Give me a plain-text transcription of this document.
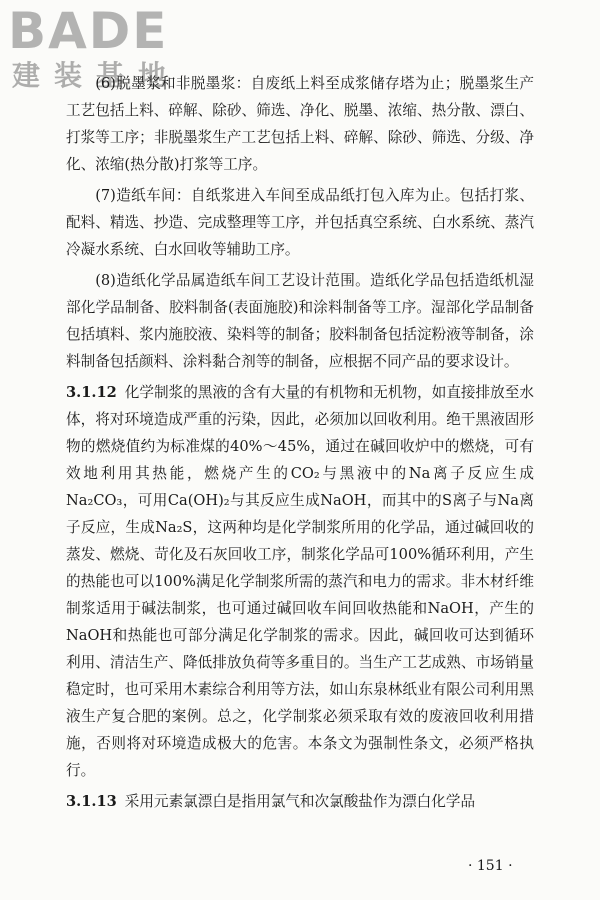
BADE
建装基地

(6)脱墨浆和非脱墨浆：自废纸上料至成浆储存塔为止；脱墨浆生产工艺包括上料、碎解、除砂、筛选、净化、脱墨、浓缩、热分散、漂白、打浆等工序；非脱墨浆生产工艺包括上料、碎解、除砂、筛选、分级、净化、浓缩(热分散)打浆等工序。

(7)造纸车间：自纸浆进入车间至成品纸打包入库为止。包括打浆、配料、精选、抄造、完成整理等工序，并包括真空系统、白水系统、蒸汽冷凝水系统、白水回收等辅助工序。

(8)造纸化学品属造纸车间工艺设计范围。造纸化学品包括造纸机湿部化学品制备、胶料制备(表面施胶)和涂料制备等工序。湿部化学品制备包括填料、浆内施胶液、染料等的制备；胶料制备包括淀粉液等制备，涂料制备包括颜料、涂料黏合剂等的制备，应根据不同产品的要求设计。

3.1.12 化学制浆的黑液的含有大量的有机物和无机物，如直接排放至水体，将对环境造成严重的污染，因此，必须加以回收利用。绝干黑液固形物的燃烧值约为标准煤的40%～45%，通过在碱回收炉中的燃烧，可有效地利用其热能，燃烧产生的CO₂与黑液中的Na离子反应生成Na₂CO₃，可用Ca(OH)₂与其反应生成NaOH，而其中的S离子与Na离子反应，生成Na₂S，这两种均是化学制浆所用的化学品，通过碱回收的蒸发、燃烧、苛化及石灰回收工序，制浆化学品可100%循环利用，产生的热能也可以100%满足化学制浆所需的蒸汽和电力的需求。非木材纤维制浆适用于碱法制浆，也可通过碱回收车间回收热能和NaOH，产生的NaOH和热能也可部分满足化学制浆的需求。因此，碱回收可达到循环利用、清洁生产、降低排放负荷等多重目的。当生产工艺成熟、市场销量稳定时，也可采用木素综合利用等方法，如山东泉林纸业有限公司利用黑液生产复合肥的案例。总之，化学制浆必须采取有效的废液回收利用措施，否则将对环境造成极大的危害。本条文为强制性条文，必须严格执行。

3.1.13 采用元素氯漂白是指用氯气和次氯酸盐作为漂白化学品

· 151 ·
